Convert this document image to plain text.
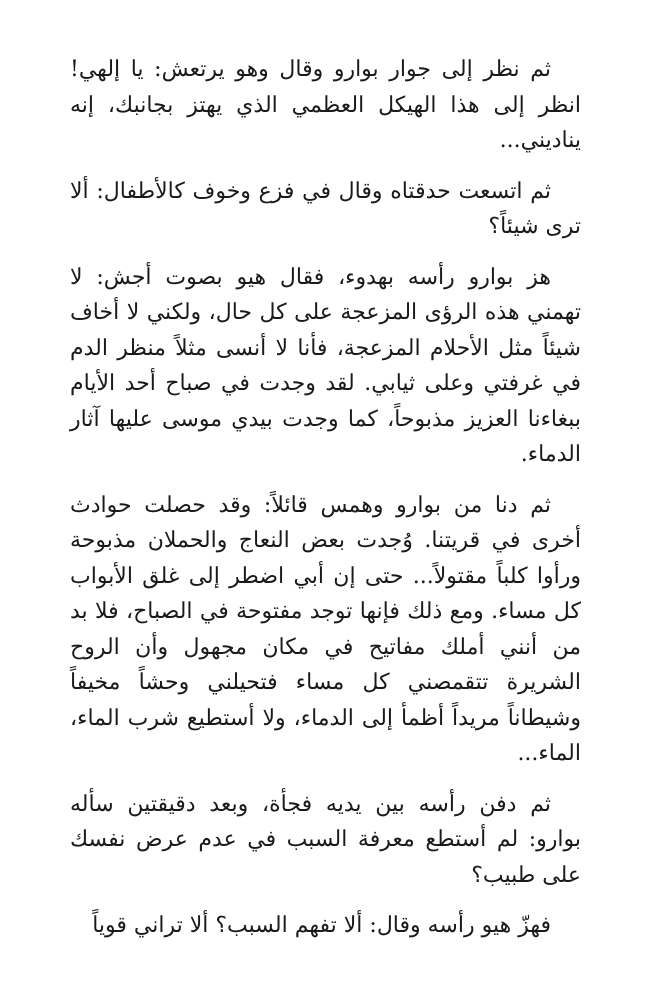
ثم نظر إلى جوار بوارو وقال وهو يرتعش: يا إلهي! انظر إلى هذا الهيكل العظمي الذي يهتز بجانبك، إنه يناديني...

ثم اتسعت حدقتاه وقال في فزع وخوف كالأطفال: ألا ترى شيئاً؟

هز بوارو رأسه بهدوء، فقال هيو بصوت أجش: لا تهمني هذه الرؤى المزعجة على كل حال، ولكني لا أخاف شيئاً مثل الأحلام المزعجة، فأنا لا أنسى مثلاً منظر الدم في غرفتي وعلى ثيابي. لقد وجدت في صباح أحد الأيام ببغاءنا العزيز مذبوحاً، كما وجدت بيدي موسى عليها آثار الدماء.

ثم دنا من بوارو وهمس قائلاً: وقد حصلت حوادث أخرى في قريتنا. وُجدت بعض النعاج والحملان مذبوحة ورأوا كلباً مقتولاً... حتى إن أبي اضطر إلى غلق الأبواب كل مساء. ومع ذلك فإنها توجد مفتوحة في الصباح، فلا بد من أنني أملك مفاتيح في مكان مجهول وأن الروح الشريرة تتقمصني كل مساء فتحيلني وحشاً مخيفاً وشيطاناً مريداً أظمأ إلى الدماء، ولا أستطيع شرب الماء، الماء...

ثم دفن رأسه بين يديه فجأة، وبعد دقيقتين سأله بوارو: لم أستطع معرفة السبب في عدم عرض نفسك على طبيب؟

فهزّ هيو رأسه وقال: ألا تفهم السبب؟ ألا تراني قوياً
